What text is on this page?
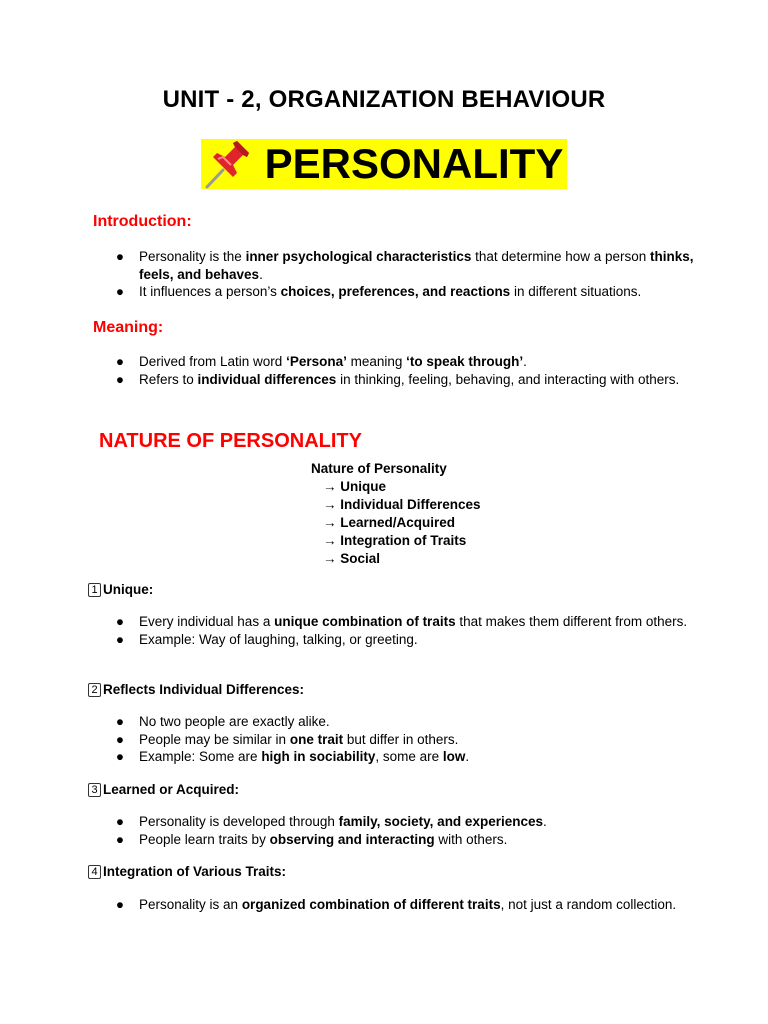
UNIT - 2, ORGANIZATION BEHAVIOUR
PERSONALITY
Introduction:
● Personality is the inner psychological characteristics that determine how a person thinks, feels, and behaves.
● It influences a person’s choices, preferences, and reactions in different situations.
Meaning:
● Derived from Latin word ‘Persona’ meaning ‘to speak through’.
● Refers to individual differences in thinking, feeling, behaving, and interacting with others.
NATURE OF PERSONALITY
Nature of Personality
→ Unique
→ Individual Differences
→ Learned/Acquired
→ Integration of Traits
→ Social
1 Unique:
● Every individual has a unique combination of traits that makes them different from others.
● Example: Way of laughing, talking, or greeting.
2 Reflects Individual Differences:
● No two people are exactly alike.
● People may be similar in one trait but differ in others.
● Example: Some are high in sociability, some are low.
3 Learned or Acquired:
● Personality is developed through family, society, and experiences.
● People learn traits by observing and interacting with others.
4 Integration of Various Traits:
● Personality is an organized combination of different traits, not just a random collection.
